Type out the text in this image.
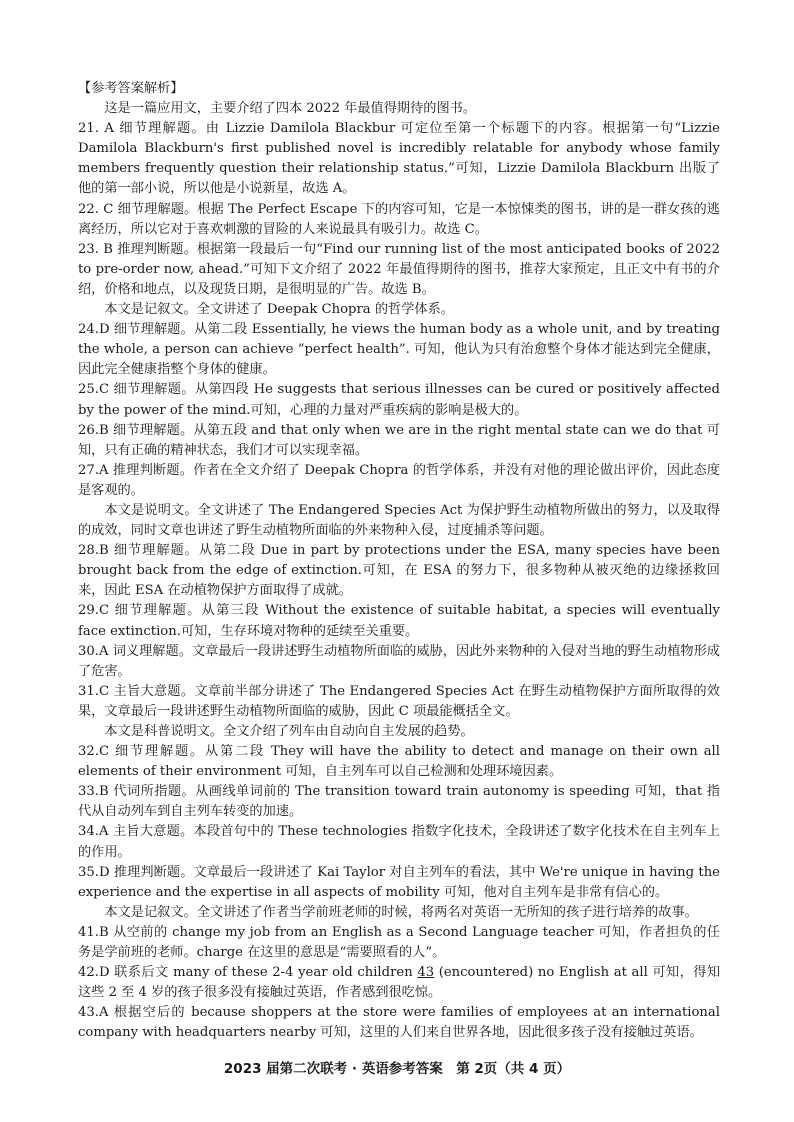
【参考答案解析】

这是一篇应用文，主要介绍了四本 2022 年最值得期待的图书。

21. A 细节理解题。由 Lizzie Damilola Blackbur 可定位至第一个标题下的内容。根据第一句“Lizzie Damilola Blackburn's first published novel is incredibly relatable for anybody whose family members frequently question their relationship status.”可知，Lizzie Damilola Blackburn 出版了他的第一部小说，所以他是小说新星，故选 A。

22. C 细节理解题。根据 The Perfect Escape 下的内容可知，它是一本惊悚类的图书，讲的是一群女孩的逃离经历，所以它对于喜欢刺激的冒险的人来说最具有吸引力。故选 C。

23. B 推理判断题。根据第一段最后一句“Find our running list of the most anticipated books of 2022 to pre-order now, ahead.”可知下文介绍了 2022 年最值得期待的图书，推荐大家预定，且正文中有书的介绍，价格和地点，以及现货日期，是很明显的广告。故选 B。

本文是记叙文。全文讲述了 Deepak Chopra 的哲学体系。

24.D 细节理解题。从第二段 Essentially, he views the human body as a whole unit, and by treating the whole, a person can achieve “perfect health”. 可知，他认为只有治愈整个身体才能达到完全健康，因此完全健康指整个身体的健康。

25.C 细节理解题。从第四段 He suggests that serious illnesses can be cured or positively affected by the power of the mind.可知，心理的力量对严重疾病的影响是极大的。

26.B 细节理解题。从第五段 and that only when we are in the right mental state can we do that 可知，只有正确的精神状态，我们才可以实现幸福。

27.A 推理判断题。作者在全文介绍了 Deepak Chopra 的哲学体系，并没有对他的理论做出评价，因此态度是客观的。

本文是说明文。全文讲述了 The Endangered Species Act 为保护野生动植物所做出的努力，以及取得的成效，同时文章也讲述了野生动植物所面临的外来物种入侵，过度捕杀等问题。

28.B 细节理解题。从第二段 Due in part by protections under the ESA, many species have been brought back from the edge of extinction.可知，在 ESA 的努力下，很多物种从被灭绝的边缘拯救回来，因此 ESA 在动植物保护方面取得了成就。

29.C 细节理解题。从第三段 Without the existence of suitable habitat, a species will eventually face extinction.可知，生存环境对物种的延续至关重要。

30.A 词义理解题。文章最后一段讲述野生动植物所面临的威胁，因此外来物种的入侵对当地的野生动植物形成了危害。

31.C 主旨大意题。文章前半部分讲述了 The Endangered Species Act 在野生动植物保护方面所取得的效果，文章最后一段讲述野生动植物所面临的威胁，因此 C 项最能概括全文。

本文是科普说明文。全文介绍了列车由自动向自主发展的趋势。

32.C 细节理解题。从第二段 They will have the ability to detect and manage on their own all elements of their environment 可知，自主列车可以自己检测和处理环境因素。

33.B 代词所指题。从画线单词前的 The transition toward train autonomy is speeding 可知，that 指代从自动列车到自主列车转变的加速。

34.A 主旨大意题。本段首句中的 These technologies 指数字化技术，全段讲述了数字化技术在自主列车上的作用。

35.D 推理判断题。文章最后一段讲述了 Kai Taylor 对自主列车的看法，其中 We're unique in having the experience and the expertise in all aspects of mobility 可知，他对自主列车是非常有信心的。

本文是记叙文。全文讲述了作者当学前班老师的时候，将两名对英语一无所知的孩子进行培养的故事。

41.B 从空前的 change my job from an English as a Second Language teacher 可知，作者担负的任务是学前班的老师。charge 在这里的意思是“需要照看的人”。

42.D 联系后文 many of these 2-4 year old children 43 (encountered) no English at all 可知，得知这些 2 至 4 岁的孩子很多没有接触过英语，作者感到很吃惊。

43.A 根据空后的 because shoppers at the store were families of employees at an international company with headquarters nearby 可知，这里的人们来自世界各地，因此很多孩子没有接触过英语。

2023 届第二次联考 · 英语参考答案　第 2页（共 4 页）
